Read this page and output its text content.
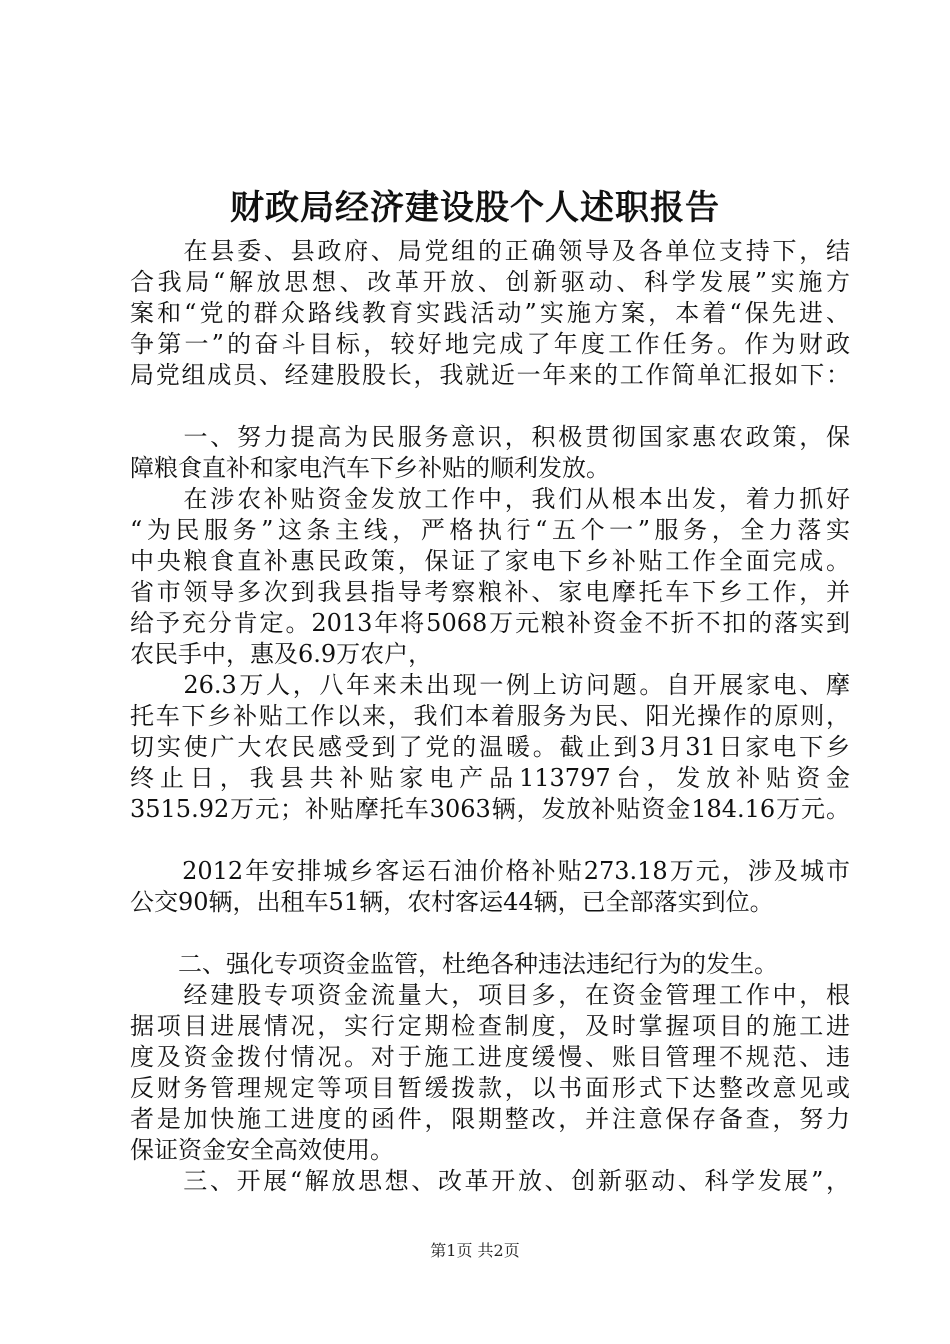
财政局经济建设股个人述职报告
　　在县委、县政府、局党组的正确领导及各单位支持下，结
合我局“解放思想、改革开放、创新驱动、科学发展”实施方
案和“党的群众路线教育实践活动”实施方案，本着“保先进、
争第一”的奋斗目标，较好地完成了年度工作任务。作为财政
局党组成员、经建股股长，我就近一年来的工作简单汇报如下：
　　一、努力提高为民服务意识，积极贯彻国家惠农政策，保
障粮食直补和家电汽车下乡补贴的顺利发放。
　　在涉农补贴资金发放工作中，我们从根本出发，着力抓好
“为民服务”这条主线，严格执行“五个一”服务，全力落实
中央粮食直补惠民政策，保证了家电下乡补贴工作全面完成。
省市领导多次到我县指导考察粮补、家电摩托车下乡工作，并
给予充分肯定。2013年将5068万元粮补资金不折不扣的落实到
农民手中，惠及6.9万农户，
　　26.3万人，八年来未出现一例上访问题。自开展家电、摩
托车下乡补贴工作以来，我们本着服务为民、阳光操作的原则，
切实使广大农民感受到了党的温暖。截止到3月31日家电下乡
终止日，我县共补贴家电产品113797台，发放补贴资金
3515.92万元；补贴摩托车3063辆，发放补贴资金184.16万元。
　　2012年安排城乡客运石油价格补贴273.18万元，涉及城市
公交90辆，出租车51辆，农村客运44辆，已全部落实到位。
　　二、强化专项资金监管，杜绝各种违法违纪行为的发生。
　　经建股专项资金流量大，项目多，在资金管理工作中，根
据项目进展情况，实行定期检查制度，及时掌握项目的施工进
度及资金拨付情况。对于施工进度缓慢、账目管理不规范、违
反财务管理规定等项目暂缓拨款，以书面形式下达整改意见或
者是加快施工进度的函件，限期整改，并注意保存备查，努力
保证资金安全高效使用。
　　三、开展“解放思想、改革开放、创新驱动、科学发展”，
第1页 共2页
